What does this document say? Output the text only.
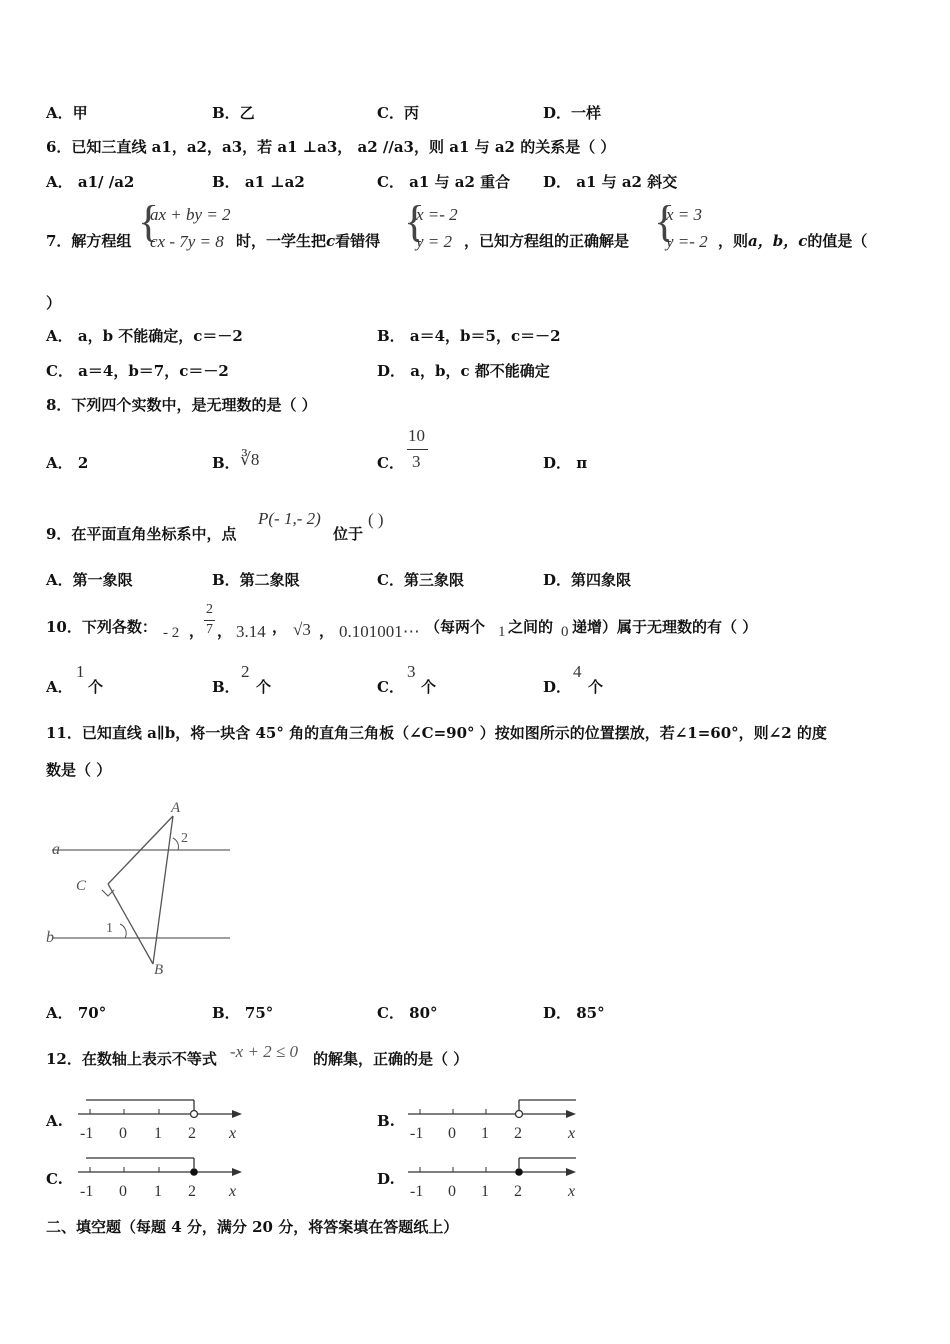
A．甲	B．乙	C．丙	D．一样
6．已知三直线 a1，a2，a3，若 a1 ⊥a3， a2 //a3，则 a1 与 a2 的关系是（ ）
A． a1/ /a2	B． a1 ⊥a2	C． a1 与 a2 重合 D． a1 与 a2 斜交
7．解方程组 {
ax + by = 2
cx - 7y = 8 时，一学生把c看错得 {
x =- 2
y = 2 ，已知方程组的正确解是 {
x = 3
y =- 2 ，则a，b，c的值是（
）
A． a，b 不能确定，c＝－2	B． a＝4，b＝5，c＝－2
C． a＝4，b＝7，c＝－2	D． a，b，c 都不能确定
8．下列四个实数中，是无理数的是（ ）
A． 2	B． ∛8	C．
10
3	D． π
9．在平面直角坐标系中，点
P(- 1,- 2)
位于
( )
A．第一象限	B．第二象限	C．第三象限	D．第四象限
10．下列各数： - 2 ，
2
7 ， 3.14 ， √3 ， 0.101001⋯ （每两个 1 之间的 0 递增）属于无理数的有（ ）
A．
1
个	B．
2
个	C．
3
个	D．
4
个
11．已知直线 a∥b，将一块含 45° 角的直角三角板（∠C=90° ）按如图所示的位置摆放，若∠1=60°，则∠2 的度
数是（ ）
a
b
A
B
C
1
2
A． 70°	B． 75°	C． 80°	D． 85°
12．在数轴上表示不等式 -x + 2 ≤ 0 的解集，正确的是（ ）
A.
-1 0 1 2 x
B.
-1 0 1 2	x
C.
-1 0 1 2 x
D.
-1 0 1 2	x
二、填空题（每题 4 分，满分 20 分，将答案填在答题纸上）
